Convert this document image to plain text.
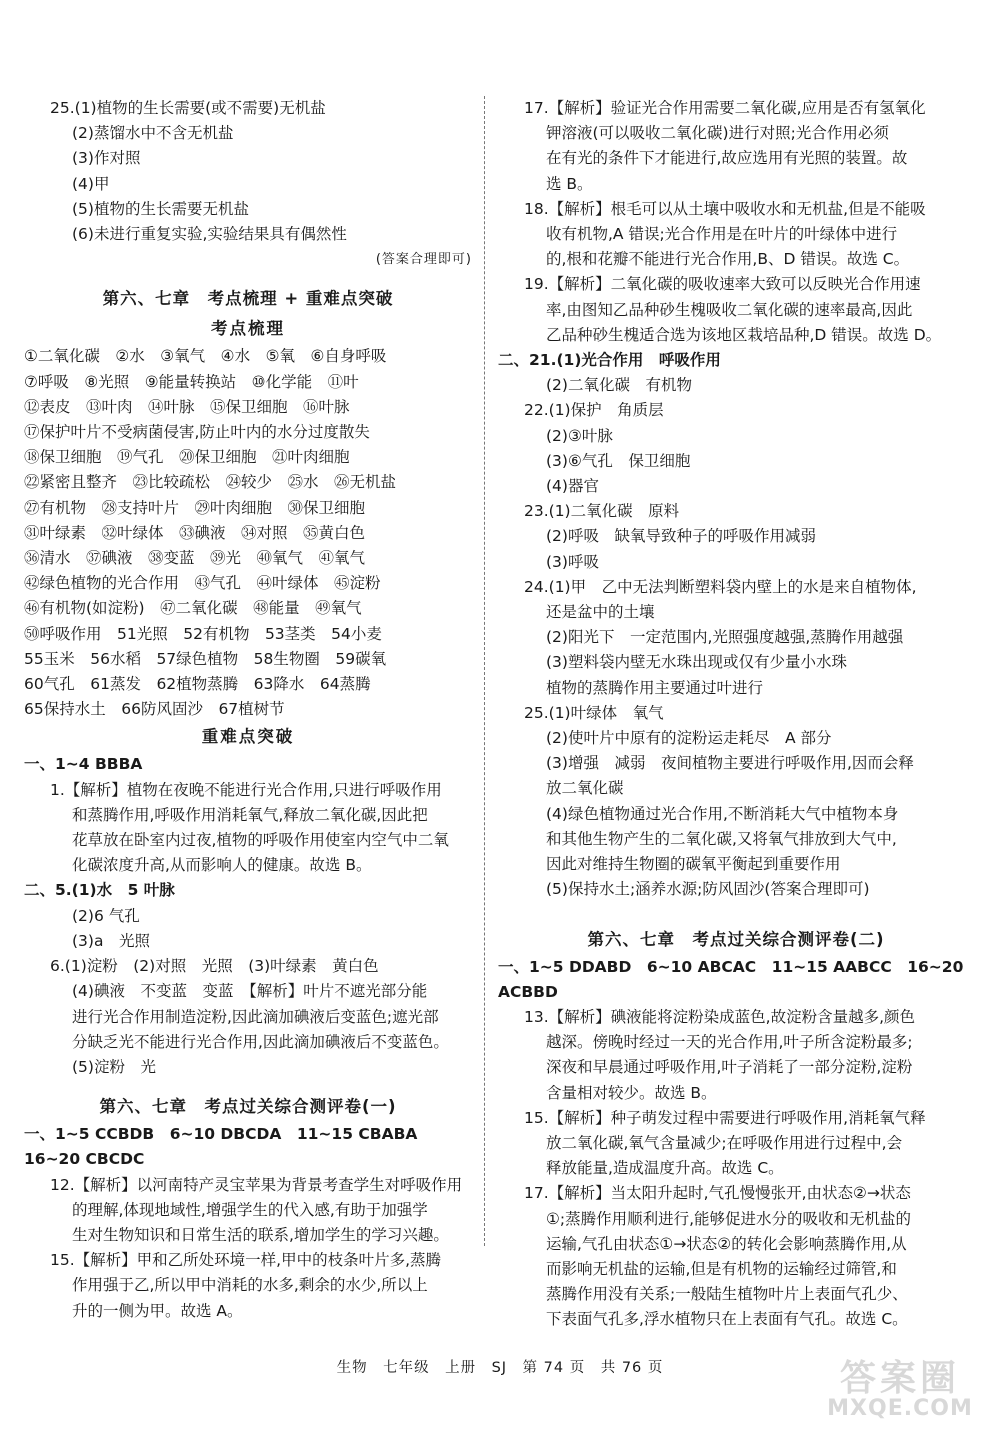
25.(1)植物的生长需要(或不需要)无机盐
(2)蒸馏水中不含无机盐
(3)作对照
(4)甲
(5)植物的生长需要无机盐
(6)未进行重复实验,实验结果具有偶然性
(答案合理即可)
第六、七章　考点梳理 + 重难点突破
考点梳理
①二氧化碳　②水　③氧气　④水　⑤氧　⑥自身呼吸
⑦呼吸　⑧光照　⑨能量转换站　⑩化学能　⑪叶
⑫表皮　⑬叶肉　⑭叶脉　⑮保卫细胞　⑯叶脉
⑰保护叶片不受病菌侵害,防止叶内的水分过度散失
⑱保卫细胞　⑲气孔　⑳保卫细胞　㉑叶肉细胞
㉒紧密且整齐　㉓比较疏松　㉔较少　㉕水　㉖无机盐
㉗有机物　㉘支持叶片　㉙叶肉细胞　㉚保卫细胞
㉛叶绿素　㉜叶绿体　㉝碘液　㉞对照　㉟黄白色
㊱清水　㊲碘液　㊳变蓝　㊴光　㊵氧气　㊶氧气
㊷绿色植物的光合作用　㊸气孔　㊹叶绿体　㊺淀粉
㊻有机物(如淀粉)　㊼二氧化碳　㊽能量　㊾氧气
㊿呼吸作用　51光照　52有机物　53茎类　54小麦
55玉米　56水稻　57绿色植物　58生物圈　59碳氧
60气孔　61蒸发　62植物蒸腾　63降水　64蒸腾
65保持水土　66防风固沙　67植树节
重难点突破
一、1~4 BBBA
1.【解析】植物在夜晚不能进行光合作用,只进行呼吸作用
和蒸腾作用,呼吸作用消耗氧气,释放二氧化碳,因此把
花草放在卧室内过夜,植物的呼吸作用使室内空气中二氧
化碳浓度升高,从而影响人的健康。故选 B。
二、5.(1)水　5 叶脉
(2)6 气孔
(3)a　光照
6.(1)淀粉　(2)对照　光照　(3)叶绿素　黄白色
(4)碘液　不变蓝　变蓝　【解析】叶片不遮光部分能
进行光合作用制造淀粉,因此滴加碘液后变蓝色;遮光部
分缺乏光不能进行光合作用,因此滴加碘液后不变蓝色。
(5)淀粉　光
第六、七章　考点过关综合测评卷(一)
一、1~5 CCBDB　6~10 DBCDA　11~15 CBABA　16~20 CBCDC
12.【解析】以河南特产灵宝苹果为背景考查学生对呼吸作用
的理解,体现地域性,增强学生的代入感,有助于加强学
生对生物知识和日常生活的联系,增加学生的学习兴趣。
15.【解析】甲和乙所处环境一样,甲中的枝条叶片多,蒸腾
作用强于乙,所以甲中消耗的水多,剩余的水少,所以上
升的一侧为甲。故选 A。
17.【解析】验证光合作用需要二氧化碳,应用是否有氢氧化
钾溶液(可以吸收二氧化碳)进行对照;光合作用必须
在有光的条件下才能进行,故应选用有光照的装置。故
选 B。
18.【解析】根毛可以从土壤中吸收水和无机盐,但是不能吸
收有机物,A 错误;光合作用是在叶片的叶绿体中进行
的,根和花瓣不能进行光合作用,B、D 错误。故选 C。
19.【解析】二氧化碳的吸收速率大致可以反映光合作用速
率,由图知乙品种砂生槐吸收二氧化碳的速率最高,因此
乙品种砂生槐适合选为该地区栽培品种,D 错误。故选 D。
二、21.(1)光合作用　呼吸作用
(2)二氧化碳　有机物
22.(1)保护　角质层
(2)③叶脉
(3)⑥气孔　保卫细胞
(4)器官
23.(1)二氧化碳　原料
(2)呼吸　缺氧导致种子的呼吸作用减弱
(3)呼吸
24.(1)甲　乙中无法判断塑料袋内壁上的水是来自植物体,
还是盆中的土壤
(2)阳光下　一定范围内,光照强度越强,蒸腾作用越强
(3)塑料袋内壁无水珠出现或仅有少量小水珠
植物的蒸腾作用主要通过叶进行
25.(1)叶绿体　氧气
(2)使叶片中原有的淀粉运走耗尽　A 部分
(3)增强　减弱　夜间植物主要进行呼吸作用,因而会释
放二氧化碳
(4)绿色植物通过光合作用,不断消耗大气中植物本身
和其他生物产生的二氧化碳,又将氧气排放到大气中,
因此对维持生物圈的碳氧平衡起到重要作用
(5)保持水土;涵养水源;防风固沙(答案合理即可)
第六、七章　考点过关综合测评卷(二)
一、1~5 DDABD　6~10 ABCAC　11~15 AABCC　16~20 ACBBD
13.【解析】碘液能将淀粉染成蓝色,故淀粉含量越多,颜色
越深。傍晚时经过一天的光合作用,叶子所含淀粉最多;
深夜和早晨通过呼吸作用,叶子消耗了一部分淀粉,淀粉
含量相对较少。故选 B。
15.【解析】种子萌发过程中需要进行呼吸作用,消耗氧气释
放二氧化碳,氧气含量减少;在呼吸作用进行过程中,会
释放能量,造成温度升高。故选 C。
17.【解析】当太阳升起时,气孔慢慢张开,由状态②→状态
①;蒸腾作用顺利进行,能够促进水分的吸收和无机盐的
运输,气孔由状态①→状态②的转化会影响蒸腾作用,从
而影响无机盐的运输,但是有机物的运输经过筛管,和
蒸腾作用没有关系;一般陆生植物叶片上表面气孔少、
下表面气孔多,浮水植物只在上表面有气孔。故选 C。
生物　七年级　上册　SJ　第 74 页　共 76 页	答案圈
MXQE.COM
